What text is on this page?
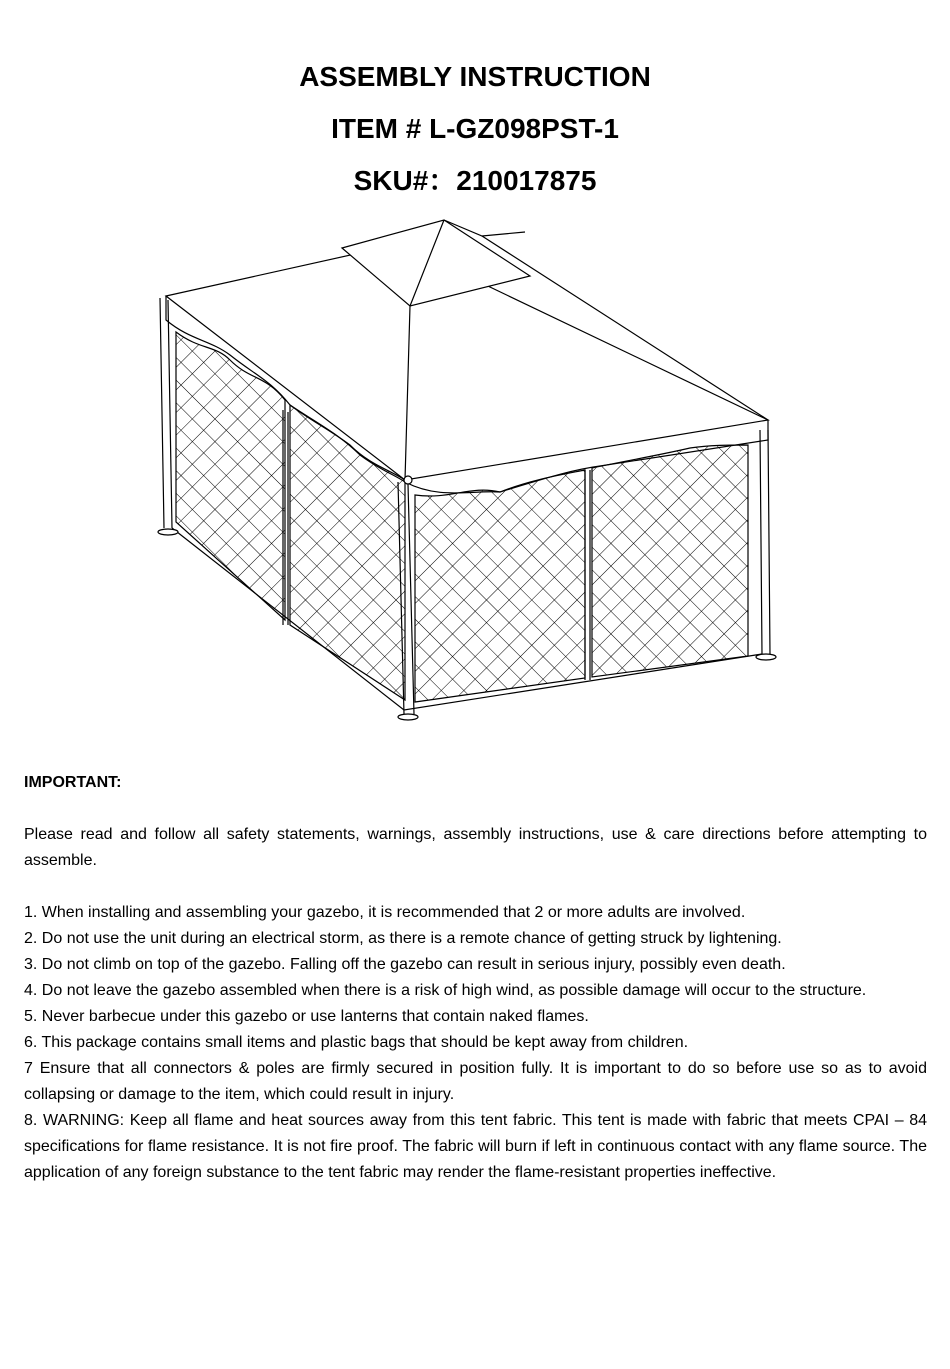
ASSEMBLY INSTRUCTION
ITEM # L-GZ098PST-1
SKU#：210017875

IMPORTANT:

Please read and follow all safety statements, warnings, assembly instructions, use & care directions before attempting to assemble.

1. When installing and assembling your gazebo, it is recommended that 2 or more adults are involved.
2. Do not use the unit during an electrical storm, as there is a remote chance of getting struck by lightening.
3. Do not climb on top of the gazebo. Falling off the gazebo can result in serious injury, possibly even death.
4. Do not leave the gazebo assembled when there is a risk of high wind, as possible damage will occur to the structure.
5. Never barbecue under this gazebo or use lanterns that contain naked flames.
6. This package contains small items and plastic bags that should be kept away from children.
7 Ensure that all connectors & poles are firmly secured in position fully. It is important to do so before use so as to avoid collapsing or damage to the item, which could result in injury.
8. WARNING: Keep all flame and heat sources away from this tent fabric. This tent is made with fabric that meets CPAI – 84 specifications for flame resistance. It is not fire proof. The fabric will burn if left in continuous contact with any flame source. The application of any foreign substance to the tent fabric may render the flame-resistant properties ineffective.
